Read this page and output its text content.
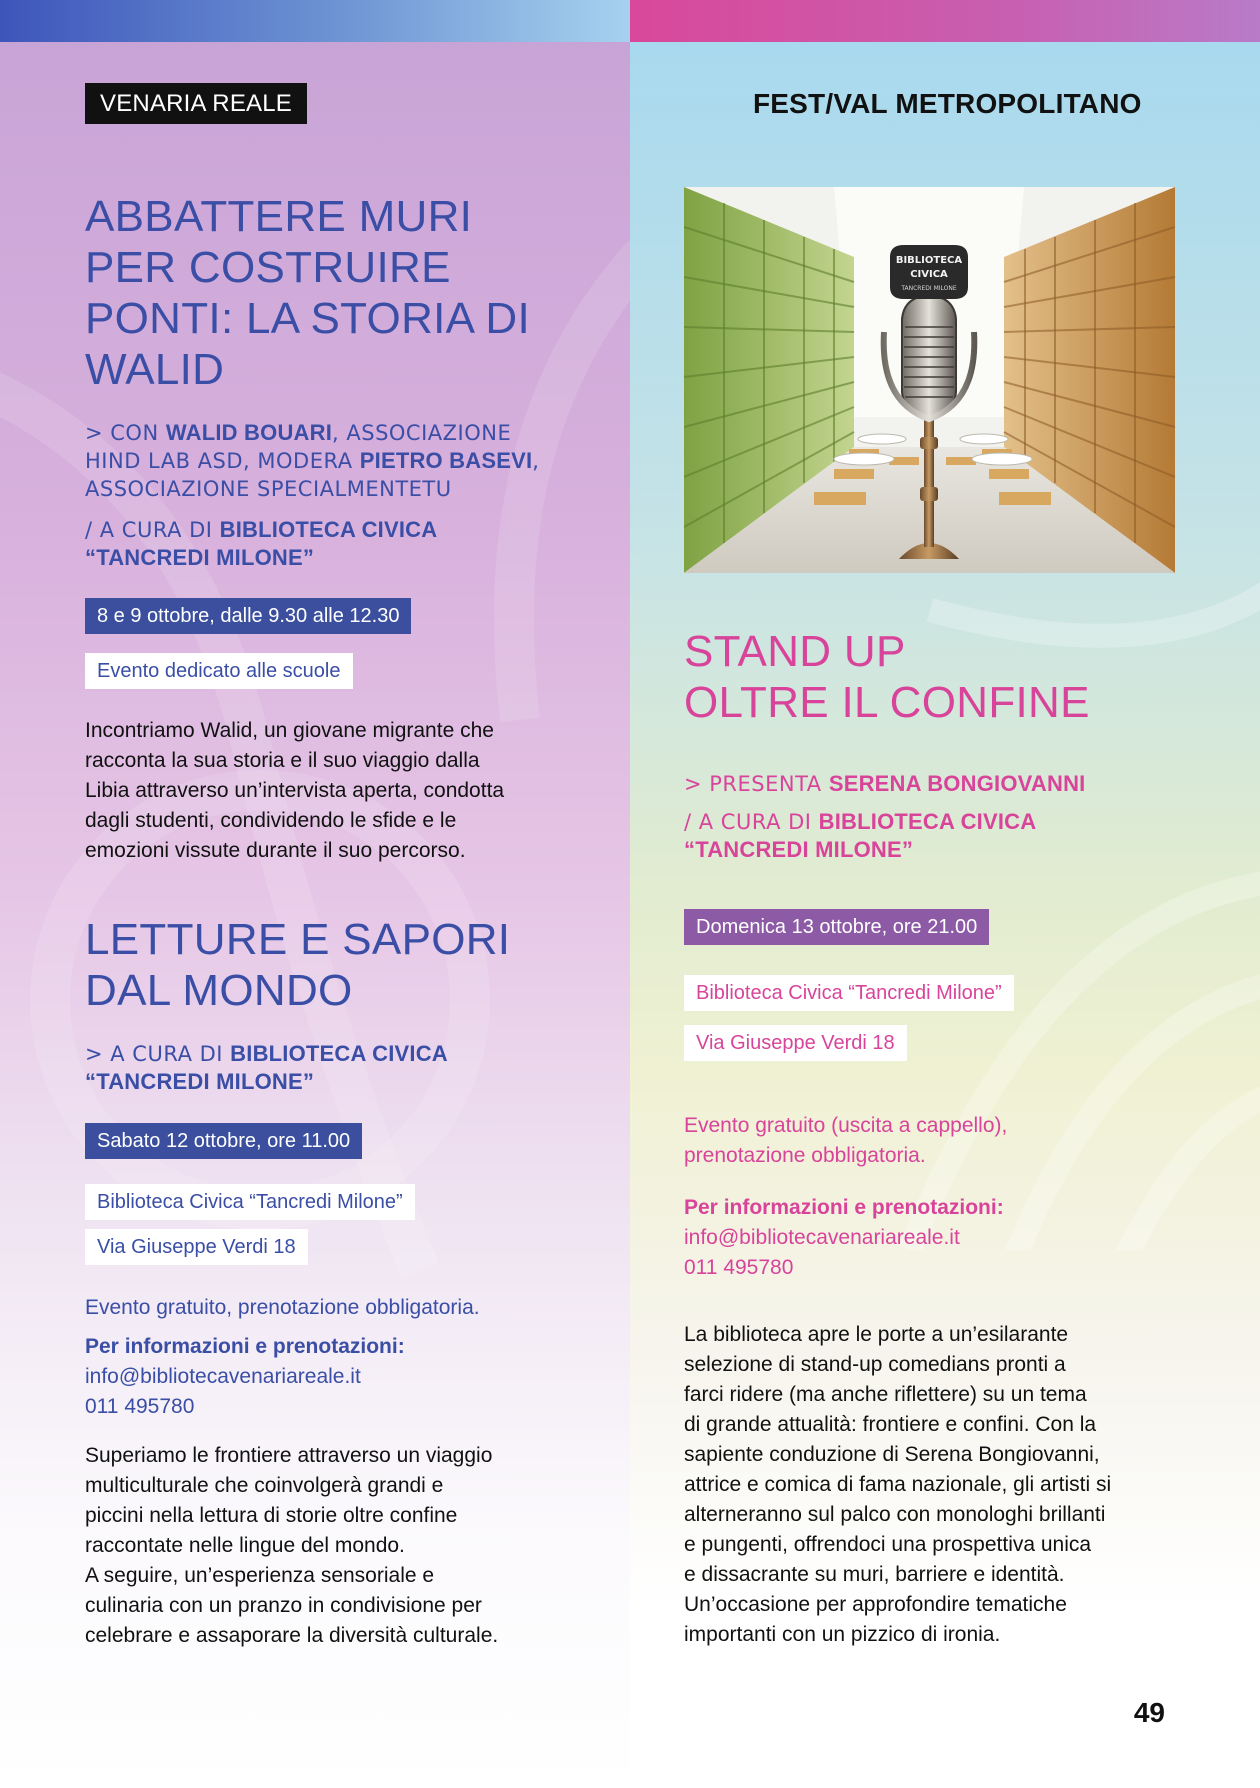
VENARIA REALE
ABBATTERE MURI
PER COSTRUIRE
PONTI: LA STORIA DI
WALID
> CON WALID BOUARI, ASSOCIAZIONE
HIND LAB ASD, MODERA PIETRO BASEVI,
ASSOCIAZIONE SPECIALMENTETU
/ A CURA DI BIBLIOTECA CIVICA
“TANCREDI MILONE”
8 e 9 ottobre, dalle 9.30 alle 12.30
Evento dedicato alle scuole
Incontriamo Walid, un giovane migrante che
racconta la sua storia e il suo viaggio dalla
Libia attraverso un’intervista aperta, condotta
dagli studenti, condividendo le sfide e le
emozioni vissute durante il suo percorso.
LETTURE E SAPORI
DAL MONDO
> A CURA DI BIBLIOTECA CIVICA
“TANCREDI MILONE”
Sabato 12 ottobre, ore 11.00
Biblioteca Civica “Tancredi Milone”
Via Giuseppe Verdi 18
Evento gratuito, prenotazione obbligatoria.
Per informazioni e prenotazioni:
info@bibliotecavenariareale.it
011 495780
Superiamo le frontiere attraverso un viaggio
multiculturale che coinvolgerà grandi e
piccini nella lettura di storie oltre confine
raccontate nelle lingue del mondo.
A seguire, un’esperienza sensoriale e
culinaria con un pranzo in condivisione per
celebrare e assaporare la diversità culturale.
FEST/VAL METROPOLITANO
BIBLIOTECA
CIVICA
TANCREDI MILONE
STAND UP
OLTRE IL CONFINE
> PRESENTA SERENA BONGIOVANNI
/ A CURA DI BIBLIOTECA CIVICA
“TANCREDI MILONE”
Domenica 13 ottobre, ore 21.00
Biblioteca Civica “Tancredi Milone”
Via Giuseppe Verdi 18
Evento gratuito (uscita a cappello),
prenotazione obbligatoria.
Per informazioni e prenotazioni:
info@bibliotecavenariareale.it
011 495780
La biblioteca apre le porte a un’esilarante
selezione di stand-up comedians pronti a
farci ridere (ma anche riflettere) su un tema
di grande attualità: frontiere e confini. Con la
sapiente conduzione di Serena Bongiovanni,
attrice e comica di fama nazionale, gli artisti si
alterneranno sul palco con monologhi brillanti
e pungenti, offrendoci una prospettiva unica
e dissacrante su muri, barriere e identità.
Un’occasione per approfondire tematiche
importanti con un pizzico di ironia.
49
